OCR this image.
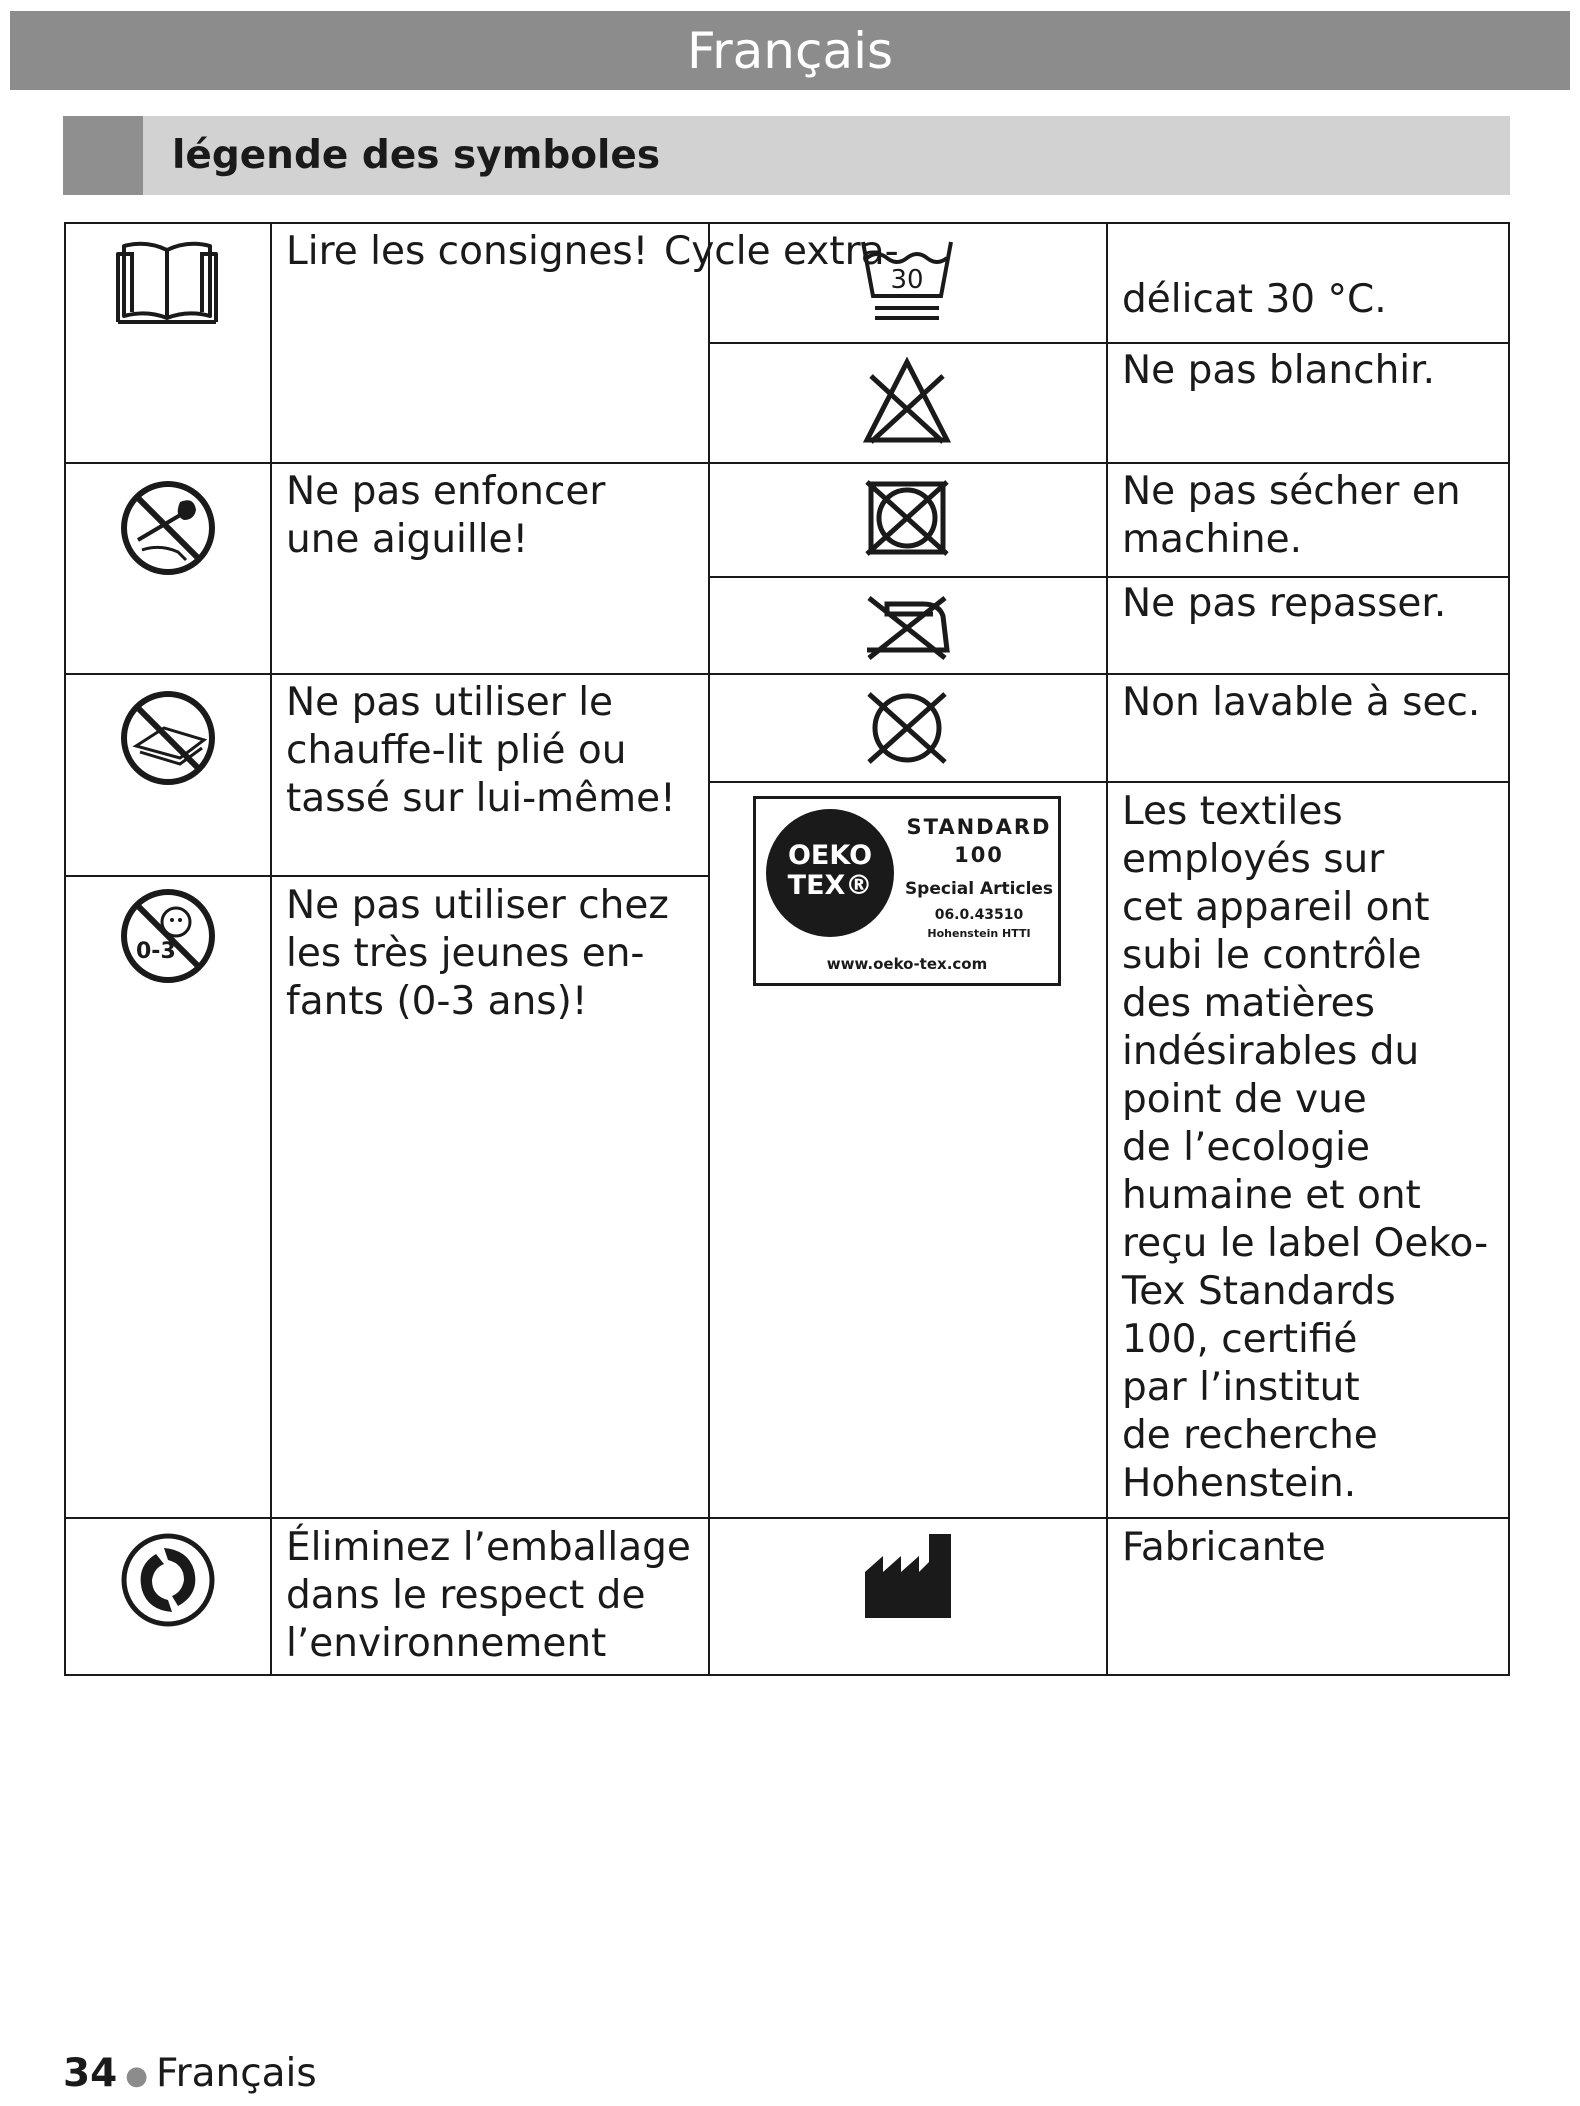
Français
légende des symboles
0-3
30
OEKO
TEX®
STANDARD
100
Special Articles
06.0.43510
Hohenstein HTTI
www.oeko-tex.com
Lire les consignes!
Ne pas enfoncer
une aiguille!
Ne pas utiliser le
chauffe-lit plié ou
tassé sur lui-même!
Ne pas utiliser chez
les très jeunes en-
fants (0-3 ans)!
Éliminez l’emballage
dans le respect de
l’environnement
Cycle extra-
délicat 30 °C.
Ne pas blanchir.
Ne pas sécher en
machine.
Ne pas repasser.
Non lavable à sec.
Les textiles
employés sur
cet appareil ont
subi le contrôle
des matières
indésirables du
point de vue
de l’ecologie
humaine et ont
reçu le label Oeko-
Tex Standards
100, certifié
par l’institut
de recherche
Hohenstein.
Fabricante
34 ● Français
